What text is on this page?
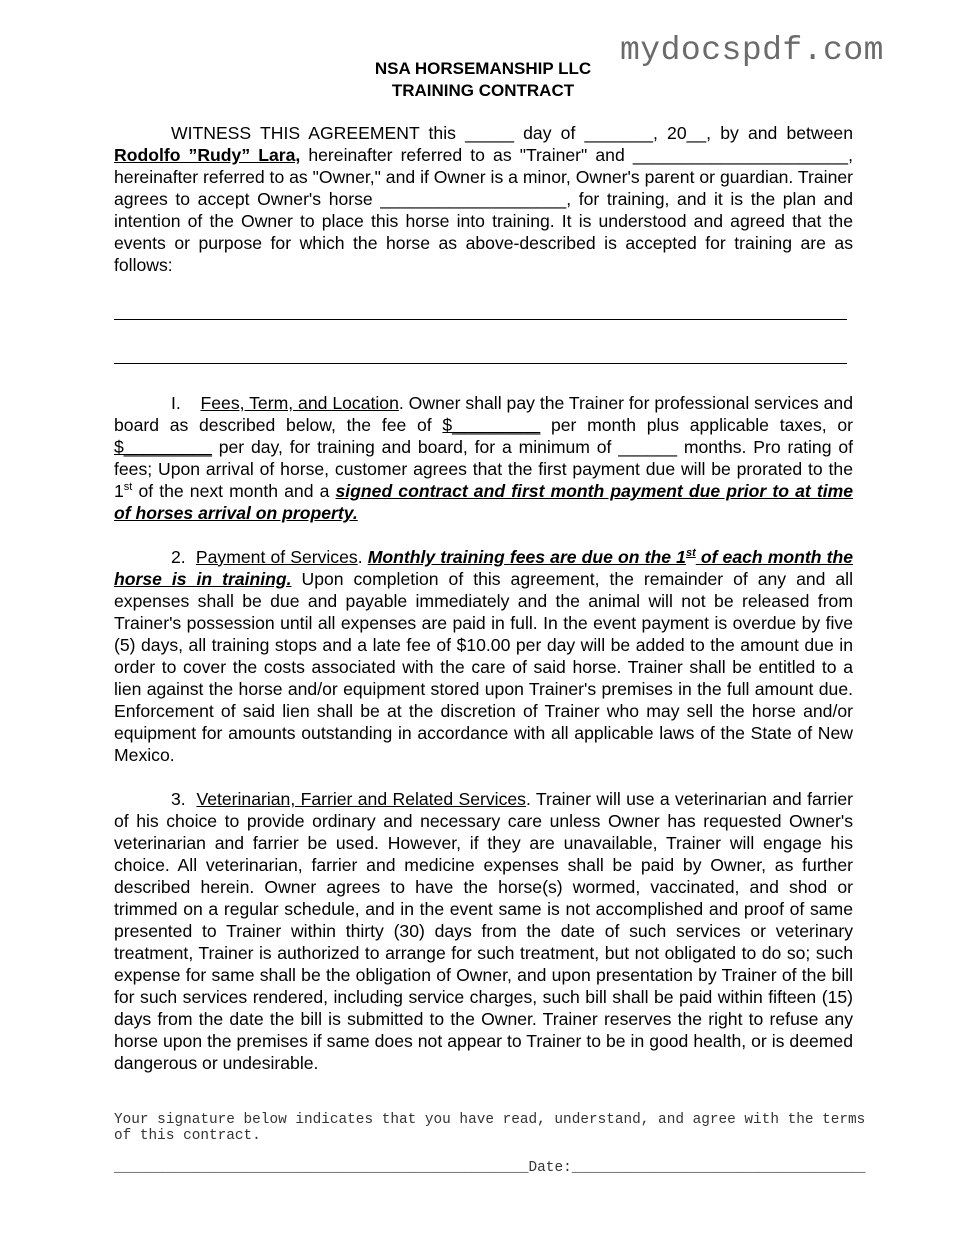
mydocspdf.com
NSA HORSEMANSHIP LLC
TRAINING CONTRACT

WITNESS THIS AGREEMENT this _____ day of _______, 20__, by and between Rodolfo ”Rudy” Lara, hereinafter referred to as "Trainer" and ______________________, hereinafter referred to as "Owner," and if Owner is a minor, Owner's parent or guardian. Trainer agrees to accept Owner's horse ___________________, for training, and it is the plan and intention of the Owner to place this horse into training. It is understood and agreed that the events or purpose for which the horse as above-described is accepted for training are as follows:

I. Fees, Term, and Location. Owner shall pay the Trainer for professional services and board as described below, the fee of $_________ per month plus applicable taxes, or $_________ per day, for training and board, for a minimum of ______ months. Pro rating of fees; Upon arrival of horse, customer agrees that the first payment due will be prorated to the 1st of the next month and a signed contract and first month payment due prior to at time of horses arrival on property.

2. Payment of Services. Monthly training fees are due on the 1st of each month the horse is in training. Upon completion of this agreement, the remainder of any and all expenses shall be due and payable immediately and the animal will not be released from Trainer's possession until all expenses are paid in full. In the event payment is overdue by five (5) days, all training stops and a late fee of $10.00 per day will be added to the amount due in order to cover the costs associated with the care of said horse. Trainer shall be entitled to a lien against the horse and/or equipment stored upon Trainer's premises in the full amount due. Enforcement of said lien shall be at the discretion of Trainer who may sell the horse and/or equipment for amounts outstanding in accordance with all applicable laws of the State of New Mexico.

3. Veterinarian, Farrier and Related Services. Trainer will use a veterinarian and farrier of his choice to provide ordinary and necessary care unless Owner has requested Owner's veterinarian and farrier be used. However, if they are unavailable, Trainer will engage his choice. All veterinarian, farrier and medicine expenses shall be paid by Owner, as further described herein. Owner agrees to have the horse(s) wormed, vaccinated, and shod or trimmed on a regular schedule, and in the event same is not accomplished and proof of same presented to Trainer within thirty (30) days from the date of such services or veterinary treatment, Trainer is authorized to arrange for such treatment, but not obligated to do so; such expense for same shall be the obligation of Owner, and upon presentation by Trainer of the bill for such services rendered, including service charges, such bill shall be paid within fifteen (15) days from the date the bill is submitted to the Owner. Trainer reserves the right to refuse any horse upon the premises if same does not appear to Trainer to be in good health, or is deemed dangerous or undesirable.

Your signature below indicates that you have read, understand, and agree with the terms of this contract.
________________________________________________Date:__________________________________
